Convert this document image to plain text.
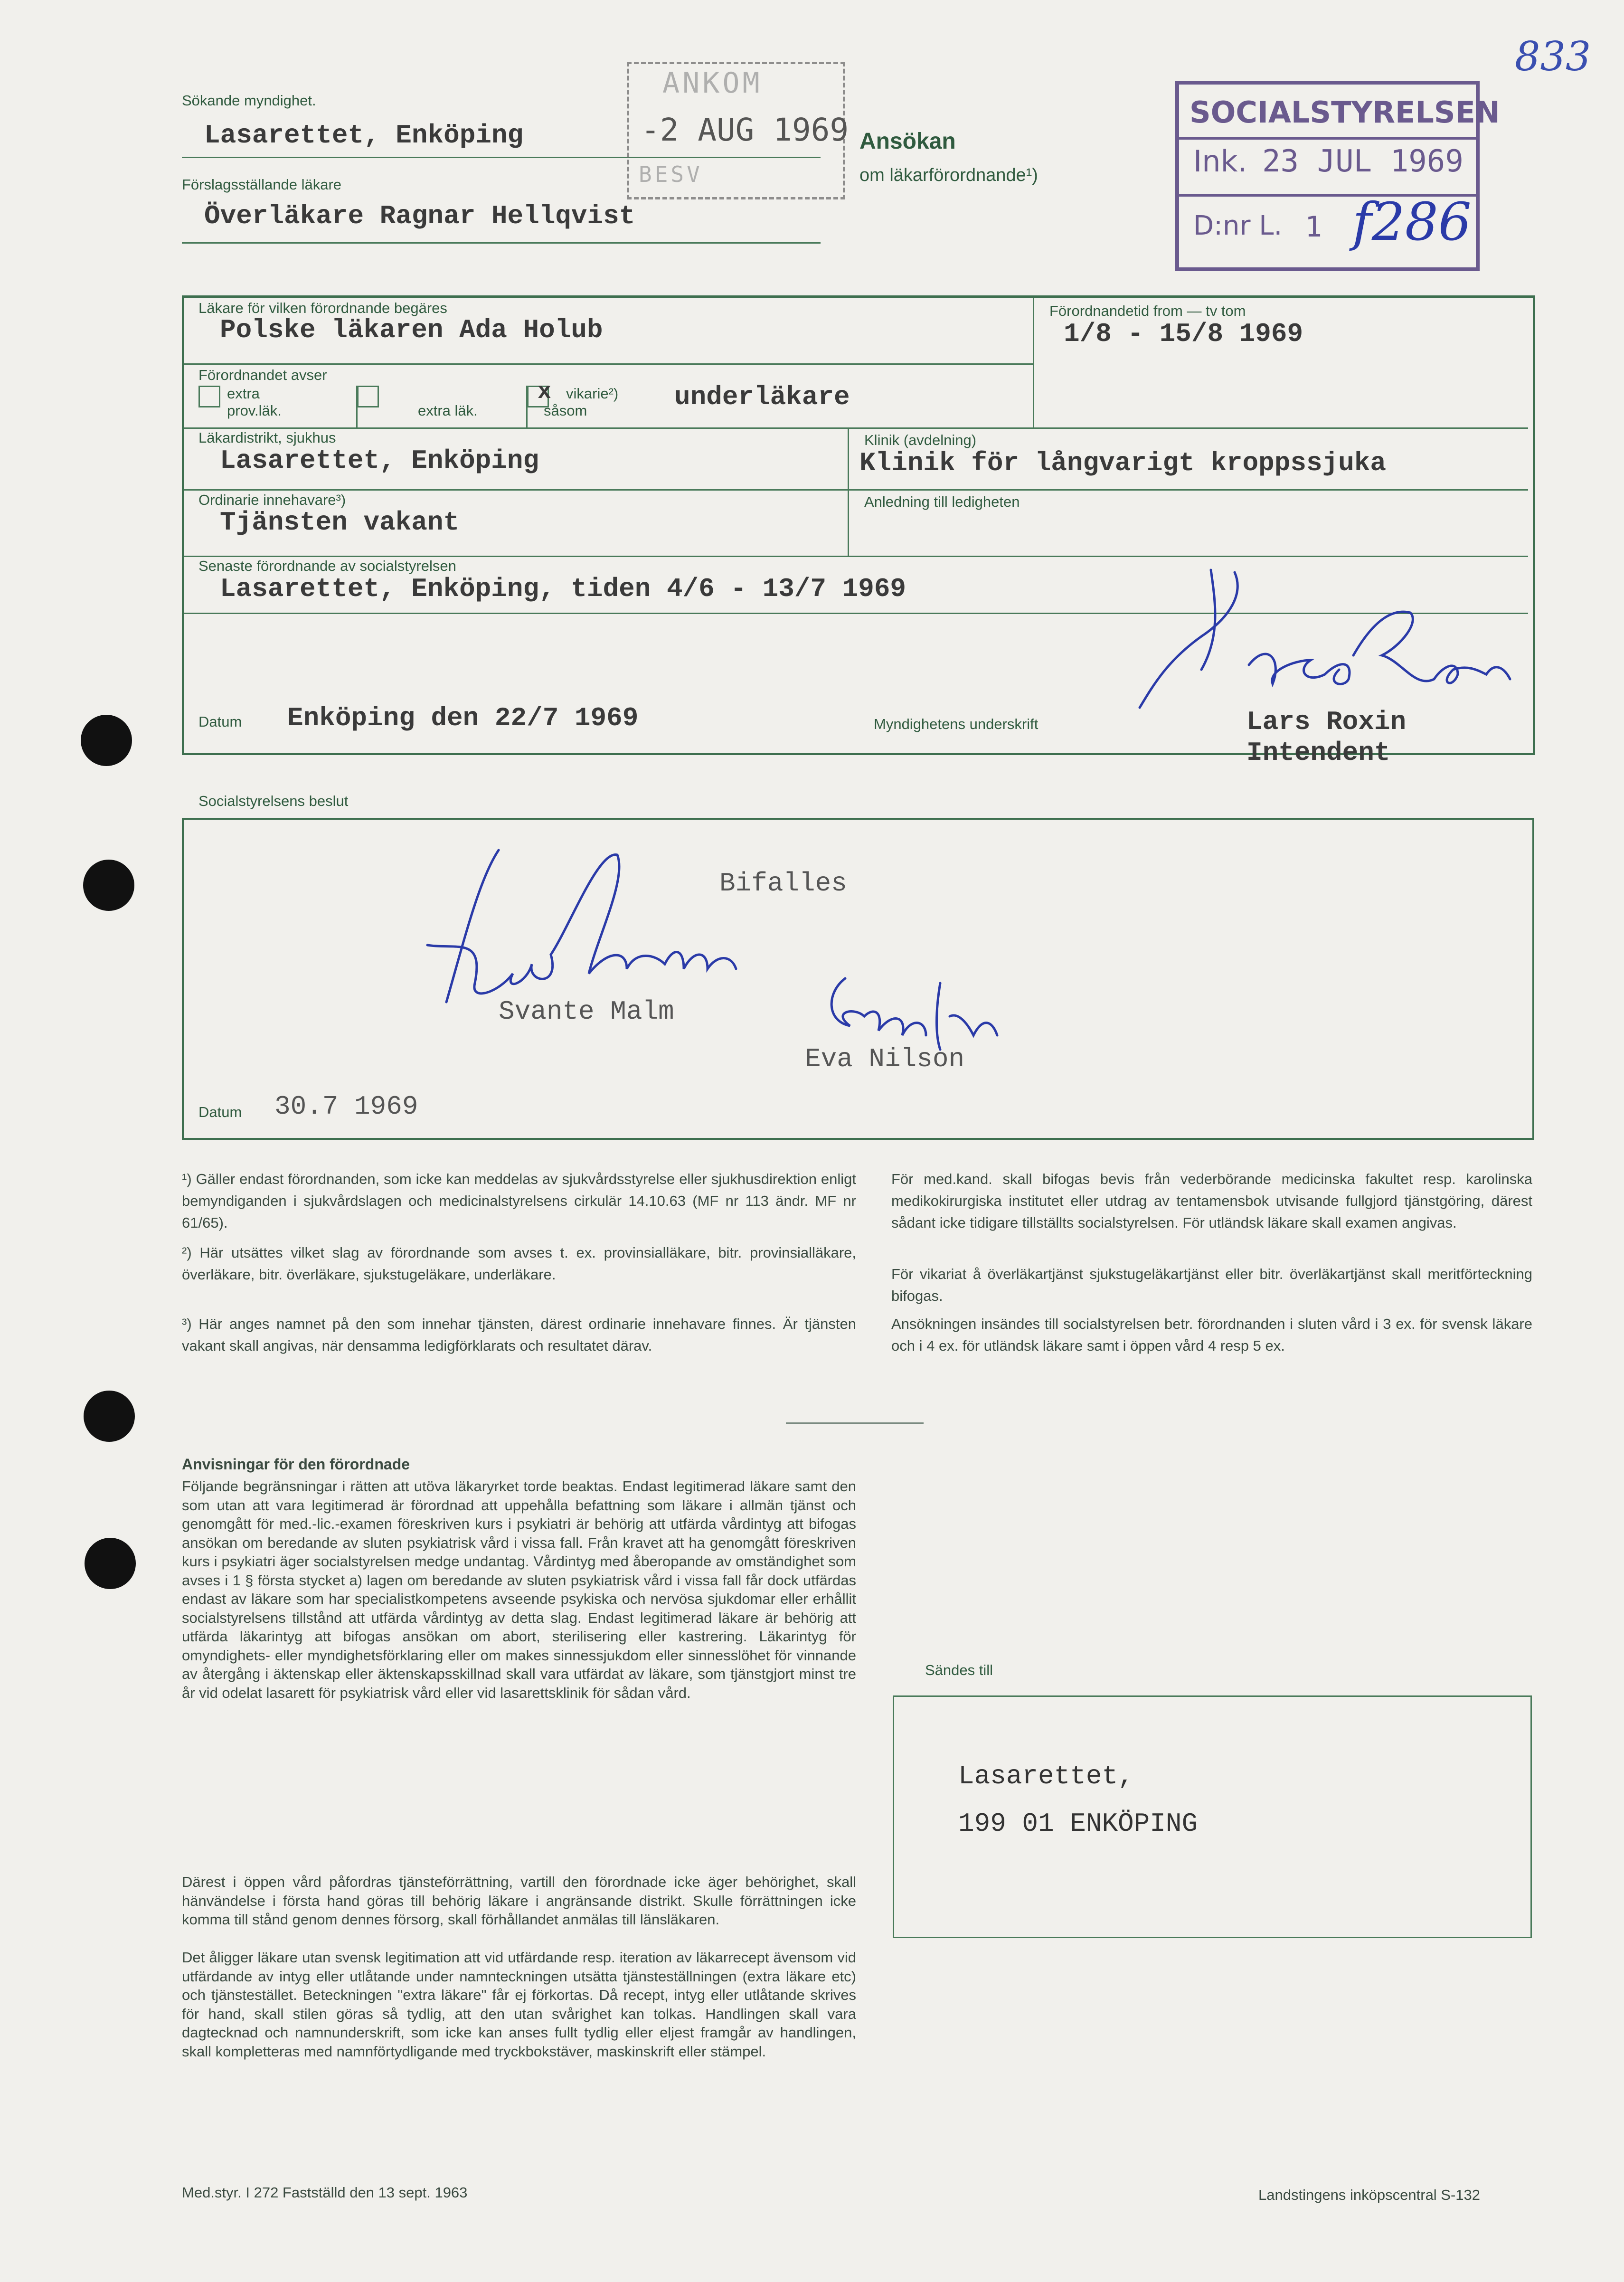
833
Sökande myndighet.
Lasarettet, Enköping
Förslagsställande läkare
Överläkare Ragnar Hellqvist
Ansökan
om läkarförordnande¹)
ANKOM
-2 AUG 1969
BESV
SOCIALSTYRELSEN
Ink. 23 JUL 1969
D:nr L. 1 f286
Läkare för vilken förordnande begäres
Polske läkaren Ada Holub
Förordnandetid from — tv tom
1/8 - 15/8 1969
Förordnandet avser
extra
prov.läk.	extra läk.
x vikarie²)
såsom	underläkare
Läkardistrikt, sjukhus
Lasarettet, Enköping
Klinik (avdelning)
Klinik för långvarigt kroppssjuka
Ordinarie innehavare³)
Tjänsten vakant
Anledning till ledigheten
Senaste förordnande av socialstyrelsen
Lasarettet, Enköping, tiden 4/6 - 13/7 1969
Datum Enköping den 22/7 1969	Myndighetens underskrift	Lars Roxin
Intendent
Socialstyrelsens beslut
Bifalles
Svante Malm
Eva Nilson
Datum 30.7 1969
¹) Gäller endast förordnanden, som icke kan meddelas av sjukvårdsstyrelse eller sjukhusdirektion enligt bemyndiganden i sjukvårdslagen och medicinalstyrelsens cirkulär 14.10.63 (MF nr 113 ändr. MF nr 61/65).
²) Här utsättes vilket slag av förordnande som avses t. ex. provinsialläkare, bitr. provinsialläkare, överläkare, bitr. överläkare, sjukstugeläkare, underläkare.
³) Här anges namnet på den som innehar tjänsten, därest ordinarie innehavare finnes. Är tjänsten vakant skall angivas, när densamma ledigförklarats och resultatet därav.
För med.kand. skall bifogas bevis från vederbörande medicinska fakultet resp. karolinska medikokirurgiska institutet eller utdrag av tentamensbok utvisande fullgjord tjänstgöring, därest sådant icke tidigare tillställts socialstyrelsen. För utländsk läkare skall examen angivas.
För vikariat å överläkartjänst sjukstugeläkartjänst eller bitr. överläkartjänst skall meritförteckning bifogas.
Ansökningen insändes till socialstyrelsen betr. förordnanden i sluten vård i 3 ex. för svensk läkare och i 4 ex. för utländsk läkare samt i öppen vård 4 resp 5 ex.
Anvisningar för den förordnade
Följande begränsningar i rätten att utöva läkaryrket torde beaktas. Endast legitimerad läkare samt den som utan att vara legitimerad är förordnad att uppehålla befattning som läkare i allmän tjänst och genomgått för med.-lic.-examen föreskriven kurs i psykiatri är behörig att utfärda vårdintyg att bifogas ansökan om beredande av sluten psykiatrisk vård i vissa fall. Från kravet att ha genomgått föreskriven kurs i psykiatri äger socialstyrelsen medge undantag. Vårdintyg med åberopande av omständighet som avses i 1 § första stycket a) lagen om beredande av sluten psykiatrisk vård i vissa fall får dock utfärdas endast av läkare som har specialistkompetens avseende psykiska och nervösa sjukdomar eller erhållit socialstyrelsens tillstånd att utfärda vårdintyg av detta slag. Endast legitimerad läkare är behörig att utfärda läkarintyg att bifogas ansökan om abort, sterilisering eller kastrering. Läkarintyg för omyndighets- eller myndighetsförklaring eller om makes sinnessjukdom eller sinnesslöhet för vinnande av återgång i äktenskap eller äktenskapsskillnad skall vara utfärdat av läkare, som tjänstgjort minst tre år vid odelat lasarett för psykiatrisk vård eller vid lasarettsklinik för sådan vård.
Därest i öppen vård påfordras tjänsteförrättning, vartill den förordnade icke äger behörighet, skall hänvändelse i första hand göras till behörig läkare i angränsande distrikt. Skulle förrättningen icke komma till stånd genom dennes försorg, skall förhållandet anmälas till länsläkaren.
Det åligger läkare utan svensk legitimation att vid utfärdande resp. iteration av läkarrecept ävensom vid utfärdande av intyg eller utlåtande under namnteckningen utsätta tjänsteställningen (extra läkare etc) och tjänstestället. Beteckningen "extra läkare" får ej förkortas. Då recept, intyg eller utlåtande skrives för hand, skall stilen göras så tydlig, att den utan svårighet kan tolkas. Handlingen skall vara dagtecknad och namnunderskrift, som icke kan anses fullt tydlig eller eljest framgår av handlingen, skall kompletteras med namnförtydligande med tryckbokstäver, maskinskrift eller stämpel.
Sändes till
Lasarettet,
199 01 ENKÖPING
Med.styr. I 272 Fastställd den 13 sept. 1963	Landstingens inköpscentral S-132
